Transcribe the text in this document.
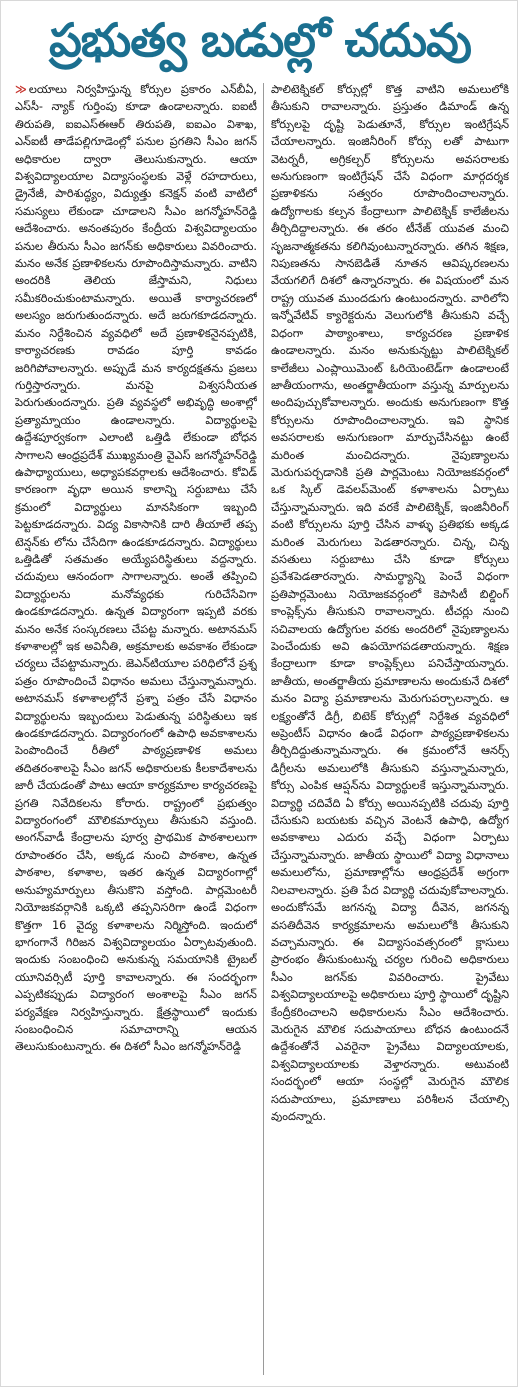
ప్రభుత్వ బడుల్లో చదువు

≫ లయాలు నిర్వహిస్తున్న కోర్సుల ప్రకారం ఎన్‌బీఏ, ఎస్‌సీ- న్యాక్ గుర్తింపు కూడా ఉండాలన్నారు. ఐఐటీ తిరుపతి, ఐఐఎస్‌ఈఆర్ తిరుపతి, ఐఐఎం విశాఖ, ఎన్‌ఐటీ తాడేపల్లిగూడెంల్లో పనుల ప్రగతిని సీఎం జగన్ అధికారుల ద్వారా తెలుసుకున్నారు. ఆయా విశ్వవిద్యాలయాల విద్యాసంస్థలకు వెళ్లే రహదారులు, డ్రైనేజీ, పారిశుద్ధ్యం, విద్యుత్తు కనెక్షన్ వంటి వాటిలో సమస్యలు లేకుండా చూడాలని సీఎం జగన్మోహన్‌రెడ్డి ఆదేశించారు. అనంతపురం కేంద్రీయ విశ్వవిద్యాలయం పనుల తీరును సీఎం జగన్‌కు అధికారులు వివరించారు. మనం అనేక ప్రణాళికలను రూపొందిస్తామన్నారు. వాటిని అందరికి తెలియ జేస్తామని, నిధులు సమీకరించుకుంటామన్నారు. అయితే కార్యాచరణలో అలస్యం జరుగుతుందన్నారు. అదే జరుగకూడదన్నారు. మనం నిర్దేశించిన వ్యవధిలో అదే ప్రణాళికనైనప్పటికి, కార్యాచరణకు రావడం పూర్తి కావడం జరిగిపోవాలన్నారు. అప్పుడే మన కార్యదక్షతను ప్రజలు గుర్తిస్తారన్నారు. మనపై విశ్వసనీయత పెరుగుతుందన్నారు. ప్రతి వ్యవస్థలో అభివృద్ధి అంశాల్లో ప్రత్యామ్నాయం ఉండాలన్నారు. విద్యార్థులపై ఉద్దేశపూర్వకంగా ఎలాంటి ఒత్తిడి లేకుండా బోధన సాగాలని ఆంధ్రప్రదేశ్ ముఖ్యమంత్రి వైఎస్ జగన్మోహన్‌రెడ్డి ఉపాధ్యాయులు, అధ్యాపకవర్గాలకు ఆదేశించారు. కోవిడ్ కారణంగా వృధా అయిన కాలాన్ని సర్దుబాటు చేసే క్రమంలో విద్యార్థులు మానసికంగా ఇబ్బంది పెట్టకూడదన్నారు. విద్య వికాసానికి దారి తీయాలే తప్ప టెన్షన్‌కు లోను చేసేదిగా ఉండకూడదన్నారు. విద్యార్థులు ఒత్తిడితో సతమతం అయ్యేపరిస్థితులు వద్దన్నారు. చదువులు ఆనందంగా సాగాలన్నారు. అంతే తప్పించి విద్యార్థులను మనోవ్యధకు గురిచేసేవిగా ఉండకూడదన్నారు. ఉన్నత విద్యారంగా ఇప్పటి వరకు మనం అనేక సంస్కరణలు చేపట్ట మన్నారు. అటానమస్ కళాశాలల్లో ఇక అవినీతి, అక్రమాలకు అవకాశం లేకుండా చర్యలు చేపట్టామన్నారు. జెఎన్‌టియూల పరిధిలోనే ప్రశ్న పత్రం రూపొందించే విధానం అమలు చేస్తున్నామన్నారు. అటానమస్ కళాశాలల్లోనే ప్రశ్నా పత్రం చేసే విధానం విద్యార్థులను ఇబ్బందులు పెడుతున్న పరిస్థితులు ఇక ఉండకూడదన్నారు. విద్యారంగంలో ఉపాధి అవకాశాలను పెంపొందించే రీతిలో పాఠ్యప్రణాళిక అమలు తదితరంశాలపై సీఎం జగన్ అధికారులకు కీలకాదేశాలను జారీ చేయడంతో పాటు ఆయా కార్యక్రమాల కార్యచరణపై ప్రగతి నివేదికలను కోరారు. రాష్ట్రంలో ప్రభుత్వం విద్యారంగంలో మౌలికమార్పులు తీసుకుని వస్తుంది. అంగన్‌వాడీ కేంద్రాలను పూర్వ ప్రాథమిక పాఠశాలలుగా రూపాంతరం చేసి, అక్కడ నుంచి పాఠశాల, ఉన్నత పాఠశాల, కళాశాల, ఇతర ఉన్నత విద్యారంగాల్లో అనుహ్యమార్పులు తీసుకొని వస్తోంది. పార్లమెంటరీ నియోజకవర్గానికి ఒక్కటి తప్పనిసరిగా ఉండే విధంగా కొత్తగా 16 వైద్య కళాశాలను నిర్మిస్తోంది. ఇందులో భాగంగానే గిరిజన విశ్వవిద్యాలయం ఏర్పాటవుతుంది. ఇందుకు సంబంధించి అనుకున్న సమయానికి ట్రైబల్ యూనివర్సిటీ పూర్తి కావాలన్నారు. ఈ సందర్భంగా ఎప్పటికప్పుడు విద్యారంగ అంశాలపై సీఎం జగన్ పర్యవేక్షణ నిర్వహిస్తున్నారు. క్షేత్రస్థాయిలో ఇందుకు సంబంధించిన సమాచారాన్ని ఆయన తెలుసుకుంటున్నారు. ఈ దిశలో సీఎం జగన్మోహన్‌రెడ్డి

పాలిటెక్నికల్ కోర్సుల్లో కొత్త వాటిని అమలులోకి తీసుకుని రావాలన్నారు. ప్రస్తుతం డిమాండ్ ఉన్న కోర్సులపై దృష్టి పెడుతూనే, కోర్సుల ఇంటిగ్రేషన్ చేయాలన్నారు. ఇంజినీరింగ్ కోర్సు లతో పాటుగా వెటర్నరీ, అగ్రికల్చర్ కోర్సులను అవసరాలకు అనుగుణంగా ఇంటిగ్రేషన్ చేసే విధంగా మార్గదర్శక ప్రణాళికను సత్వరం రూపొందించాలన్నారు. ఉద్యోగాలకు కల్పన కేంద్రాలుగా పాలిటెక్నిక్ కాలేజీలను తీర్చిదిద్దాలన్నారు. ఈ తరం టీనేజ్ యువత మంచి సృజనాత్మకతను కలిగివుంటున్నారన్నారు. తగిన శిక్షణ, నిపుణతను సానబెడితే నూతన ఆవిష్కరణలను వేయగలిగే దిశలో ఉన్నారన్నారు. ఈ విషయంలో మన రాష్ట్ర యువత ముందడుగు ఉంటుందన్నారు. వారిలోని ఇన్నోవేటివ్ క్యారెక్టరును వెలుగులోకి తీసుకుని వచ్చే విధంగా పాఠ్యాంశాలు, కార్యచరణ ప్రణాళిక ఉండాలన్నారు. మనం అనుకున్నట్టు పాలిటెక్నికల్ కాలేజీలు ఎంప్లాయిమెంట్ ఓరియెంటెడ్‌గా ఉండాలంటే జాతీయంగాను, అంతర్జాతీయంగా వస్తున్న మార్పులను అందిపుచ్చుకోవాలన్నారు. అందుకు అనుగుణంగా కొత్త కోర్సులను రూపొందించాలన్నారు. ఇవి స్థానిక అవసరాలకు అనుగుణంగా మార్పుచేసినట్టు ఉంటే మరింత మంచిదన్నారు. నైపుణ్యాలను మెరుగుపర్చడానికి ప్రతి పార్లమెంటు నియోజకవర్గంలో ఒక స్కిల్ డెవలప్‌మెంట్ కళాశాలను ఏర్పాటు చేస్తున్నామన్నారు. ఇది వరకే పాలిటెక్నిక్, ఇంజినీరింగ్ వంటి కోర్సులను పూర్తి చేసిన వాళ్ళు ప్రతిభకు అక్కడ మరింత మెరుగులు పెడతారన్నారు. చిన్న, చిన్న వసతులు సర్దుబాటు చేసి కూడా కోర్సులు ప్రవేశపెడతారన్నారు. సామర్థ్యాన్ని పెంచే విధంగా ప్రతిపార్లమెంటు నియోజకవర్గంలో కెపాసిటీ బిల్డింగ్ కాంప్లెక్స్‌ను తీసుకుని రావాలన్నారు. టీచర్లు నుంచి సచివాలయ ఉద్యోగుల వరకు అందరిలో నైపుణ్యాలను పెంచేందుకు అవి ఉపయోగపడతాయన్నారు. శిక్షణ కేంద్రాలుగా కూడా కాంప్లెక్స్‌లు పనిచేస్తాయన్నారు. జాతీయ, అంతర్జాతీయ ప్రమాణాలను అందుకునే దిశలో మనం విద్యా ప్రమాణాలను మెరుగుపర్చాలన్నారు. ఆ లక్ష్యంతోనే డిగ్రీ, బిటెక్ కోర్సుల్లో నిర్దేశిత వ్యవధిలో అప్రెంటీస్ విధానం ఉండే విధంగా పాఠ్యప్రణాళికలను తీర్చిదిద్దుతున్నామన్నారు. ఈ క్రమంలోనే ఆనర్స్ డిగ్రీలను అమలులోకి తీసుకుని వస్తున్నామన్నారు, కోర్సు ఎంపిక ఆప్షన్‌ను విద్యార్థులకే ఇస్తున్నామన్నారు. విద్యార్థి చదివేది ఏ కోర్సు అయినప్పటికి చదువు పూర్తి చేసుకుని బయటకు వచ్చిన వెంటనే ఉపాధి, ఉద్యోగ అవకాశాలు ఎదురు వచ్చే విధంగా ఏర్పాటు చేస్తున్నామన్నారు. జాతీయ స్థాయిలో విద్యా విధానాలు అమలులోను, ప్రమాణాల్లోను ఆంధ్రప్రదేశ్ అగ్రంగా నిలవాలన్నారు. ప్రతి పేద విద్యార్థి చదువుకోవాలన్నారు. అందుకోసమే జగనన్న విద్యా దీవెన, జగనన్న వసతిదీవెన కార్యక్రమాలను అమలులోకి తీసుకుని వచ్చామన్నారు. ఈ విద్యాసంవత్సరంలో క్లాసులు ప్రారంభం తీసుకుంటున్న చర్యల గురించి అధికారులు సీఎం జగన్‌కు వివరించారు. ప్రైవేటు విశ్వవిద్యాలయాలపై అధికారులు పూర్తి స్థాయిలో దృష్టిని కేంద్రీకరించాలని అధికారులను సీఎం ఆదేశించారు. మెరుగైన మౌలిక సదుపాయాలు బోధన ఉంటుందనే ఉద్దేశంతోనే ఎవరైనా ప్రైవేటు విద్యాలయాలకు, విశ్వవిద్యాలయాలకు వెళ్తారన్నారు. అటువంటి సందర్భంలో ఆయా సంస్థల్లో మెరుగైన మౌలిక సదుపాయాలు, ప్రమాణాలు పరిశీలన చేయాల్సి వుందన్నారు.
